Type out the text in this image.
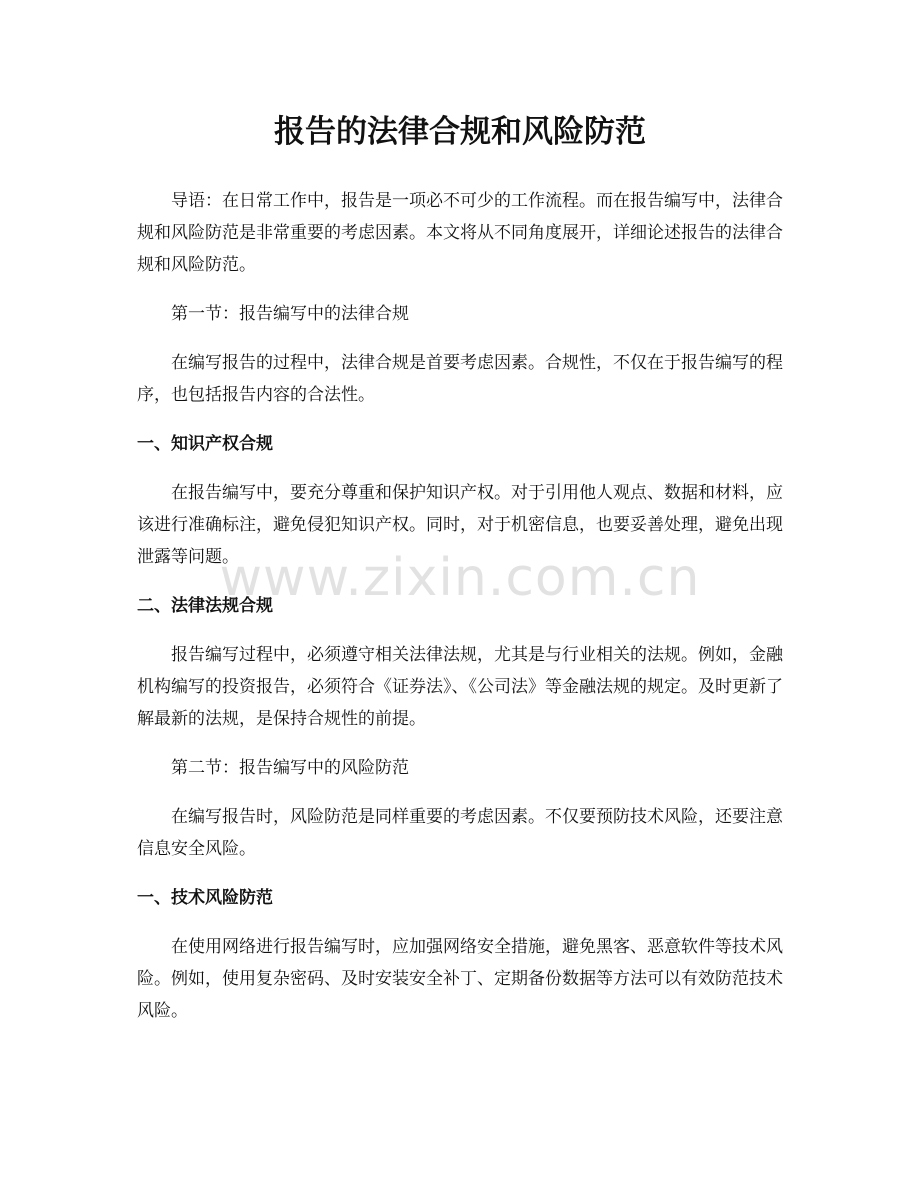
报告的法律合规和风险防范

导语：在日常工作中，报告是一项必不可少的工作流程。而在报告编写中，法律合规和风险防范是非常重要的考虑因素。本文将从不同角度展开，详细论述报告的法律合规和风险防范。

第一节：报告编写中的法律合规

在编写报告的过程中，法律合规是首要考虑因素。合规性，不仅在于报告编写的程序，也包括报告内容的合法性。

一、知识产权合规

在报告编写中，要充分尊重和保护知识产权。对于引用他人观点、数据和材料，应该进行准确标注，避免侵犯知识产权。同时，对于机密信息，也要妥善处理，避免出现泄露等问题。

二、法律法规合规

报告编写过程中，必须遵守相关法律法规，尤其是与行业相关的法规。例如，金融机构编写的投资报告，必须符合《证券法》、《公司法》等金融法规的规定。及时更新了解最新的法规，是保持合规性的前提。

第二节：报告编写中的风险防范

在编写报告时，风险防范是同样重要的考虑因素。不仅要预防技术风险，还要注意信息安全风险。

一、技术风险防范

在使用网络进行报告编写时，应加强网络安全措施，避免黑客、恶意软件等技术风险。例如，使用复杂密码、及时安装安全补丁、定期备份数据等方法可以有效防范技术风险。

www.zixin.com.cn
